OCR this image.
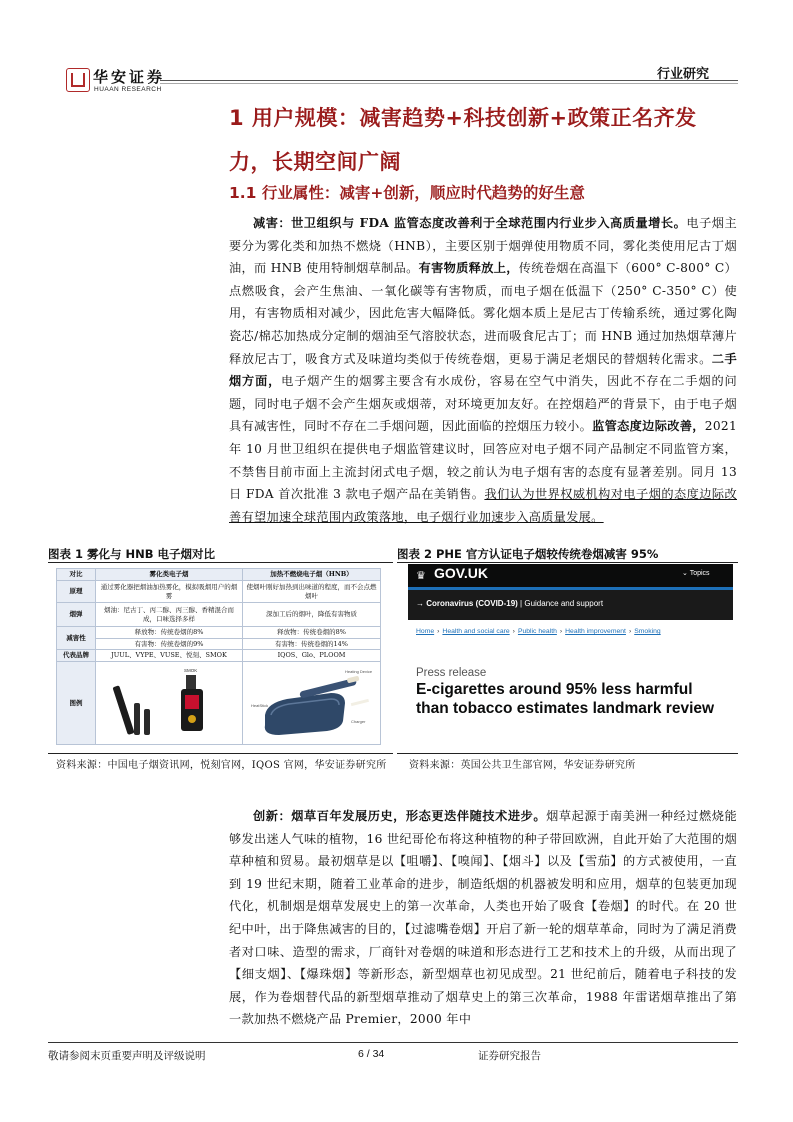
华安证券
HUAAN RESEARCH
行业研究
1 用户规模：减害趋势+科技创新+政策正名齐发力，长期空间广阔
1.1 行业属性：减害+创新，顺应时代趋势的好生意
减害：世卫组织与 FDA 监管态度改善利于全球范围内行业步入高质量增长。电子烟主要分为雾化类和加热不燃烧（HNB），主要区别于烟弹使用物质不同，雾化类使用尼古丁烟油，而 HNB 使用特制烟草制品。有害物质释放上，传统卷烟在高温下（600° C-800° C）点燃吸食，会产生焦油、一氧化碳等有害物质，而电子烟在低温下（250° C-350° C）使用，有害物质相对减少，因此危害大幅降低。雾化烟本质上是尼古丁传输系统，通过雾化陶瓷芯/棉芯加热成分定制的烟油至气溶胶状态，进而吸食尼古丁；而 HNB 通过加热烟草薄片释放尼古丁，吸食方式及味道均类似于传统卷烟，更易于满足老烟民的替烟转化需求。二手烟方面，电子烟产生的烟雾主要含有水成份，容易在空气中消失，因此不存在二手烟的问题，同时电子烟不会产生烟灰或烟蒂，对环境更加友好。在控烟趋严的背景下，由于电子烟具有减害性，同时不存在二手烟问题，因此面临的控烟压力较小。监管态度边际改善，2021 年 10 月世卫组织在提供电子烟监管建议时，回答应对电子烟不同产品制定不同监管方案，不禁售目前市面上主流封闭式电子烟，较之前认为电子烟有害的态度有显著差别。同月 13 日 FDA 首次批准 3 款电子烟产品在美销售。我们认为世界权威机构对电子烟的态度边际改善有望加速全球范围内政策落地，电子烟行业加速步入高质量发展。
图表 1 雾化与 HNB 电子烟对比
对比	雾化类电子烟	加热不燃烧电子烟（HNB）
原理	通过雾化器把烟油加热雾化，模拟吸烟用户的烟雾	使烟叶刚好加热到出味道的程度，而不会点燃烟叶
烟弹	烟油：尼古丁、丙二醇、丙三醇、香精混合而成，口味选择多样	深加工后的烟叶，降低有害物质
减害性	释放物：传统卷烟的8%	释放物：传统卷烟的8%
	有害物：传统卷烟的9%	有害物：传统卷烟的14%
代表品牌	JUUL、VYPE、VUSE、悦刻、SMOK	IQOS、Glo、PLOOM
图例	SMOK	Heating Device
HeatStick
Charger
资料来源：中国电子烟资讯网，悦刻官网，IQOS 官网，华安证券研究所
图表 2 PHE 官方认证电子烟较传统卷烟减害 95%
♛ GOV.UK	⌄ Topics
→ Coronavirus (COVID-19) | Guidance and support
Home › Health and social care › Public health › Health improvement › Smoking
Press release
E-cigarettes around 95% less harmful than tobacco estimates landmark review
资料来源：英国公共卫生部官网，华安证券研究所
创新：烟草百年发展历史，形态更迭伴随技术进步。烟草起源于南美洲一种经过燃烧能够发出迷人气味的植物，16 世纪哥伦布将这种植物的种子带回欧洲，自此开始了大范围的烟草种植和贸易。最初烟草是以【咀嚼】、【嗅闻】、【烟斗】以及【雪茄】的方式被使用，一直到 19 世纪末期，随着工业革命的进步，制造纸烟的机器被发明和应用，烟草的包装更加现代化，机制烟是烟草发展史上的第一次革命，人类也开始了吸食【卷烟】的时代。在 20 世纪中叶，出于降焦减害的目的，【过滤嘴卷烟】开启了新一轮的烟草革命，同时为了满足消费者对口味、造型的需求，厂商针对卷烟的味道和形态进行工艺和技术上的升级，从而出现了【细支烟】、【爆珠烟】等新形态，新型烟草也初见成型。21 世纪前后，随着电子科技的发展，作为卷烟替代品的新型烟草推动了烟草史上的第三次革命，1988 年雷诺烟草推出了第一款加热不燃烧产品 Premier，2000 年中
敬请参阅末页重要声明及评级说明	6 / 34	证券研究报告
